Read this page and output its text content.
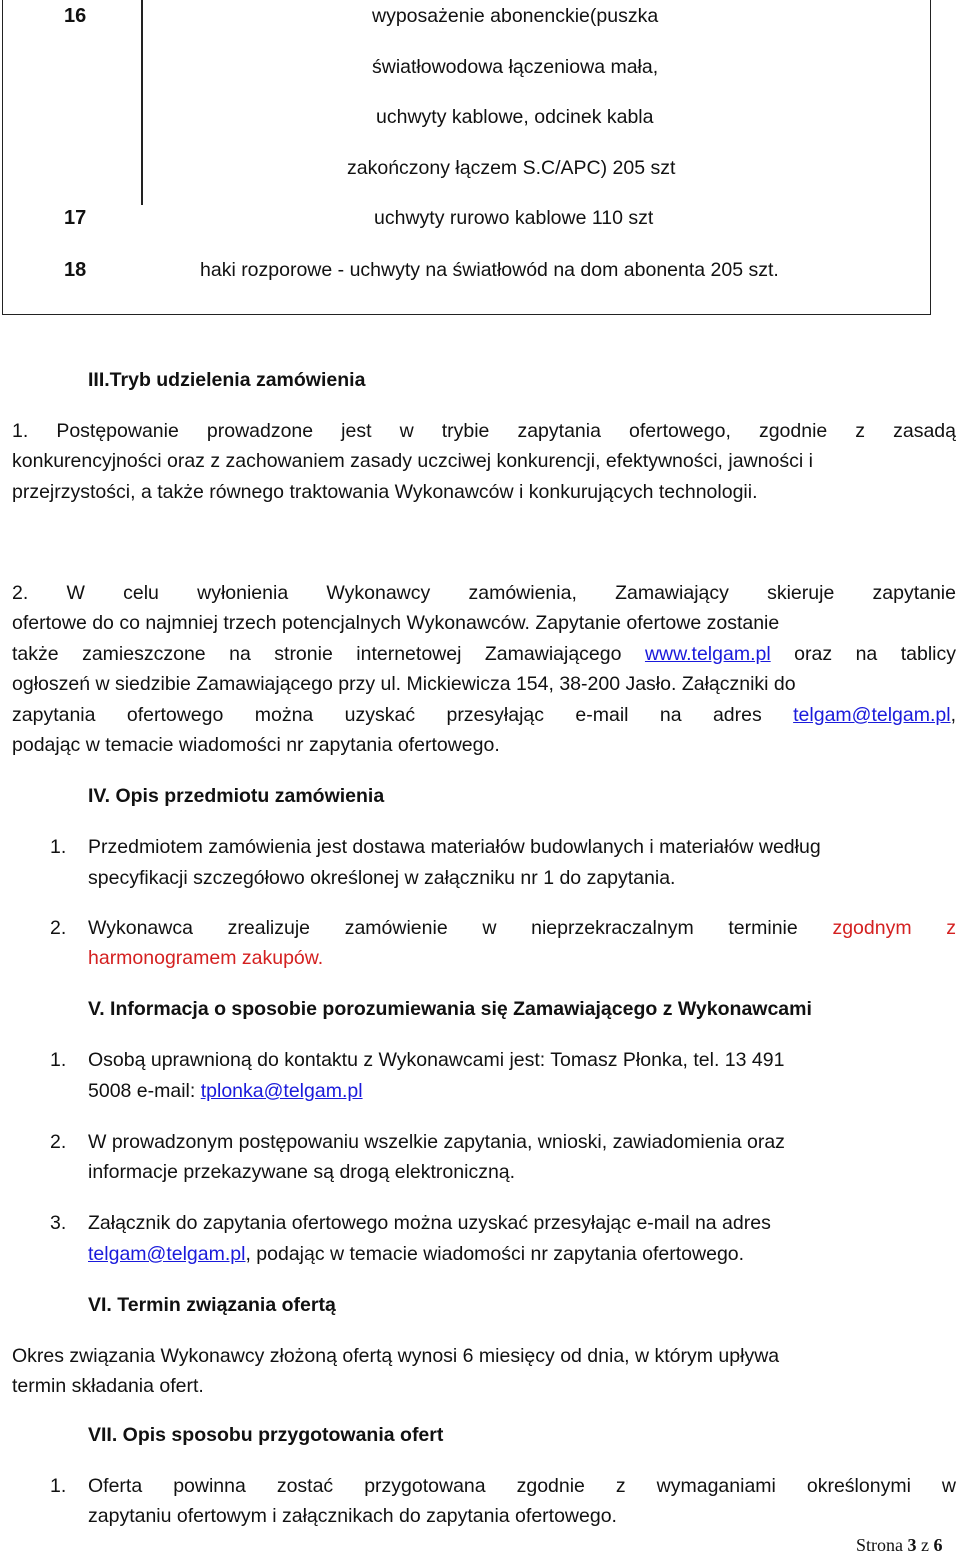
16	wyposażenie abonenckie(puszka
światłowodowa łączeniowa mała,
uchwyty kablowe, odcinek kabla
zakończony łączem S.C/APC) 205 szt
17	uchwyty rurowo kablowe 110 szt
18	haki rozporowe - uchwyty na światłowód na dom abonenta 205 szt.
III.Tryb udzielenia zamówienia
1. Postępowanie prowadzone jest w trybie zapytania ofertowego, zgodnie z zasadą
konkurencyjności oraz z zachowaniem zasady uczciwej konkurencji, efektywności, jawności i
przejrzystości, a także równego traktowania Wykonawców i konkurujących technologii.
2. W celu wyłonienia Wykonawcy zamówienia, Zamawiający skieruje zapytanie
ofertowe do co najmniej trzech potencjalnych Wykonawców. Zapytanie ofertowe zostanie
także zamieszczone na stronie internetowej Zamawiającego www.telgam.pl oraz na tablicy
ogłoszeń w siedzibie Zamawiającego przy ul. Mickiewicza 154, 38-200 Jasło. Załączniki do
zapytania ofertowego można uzyskać przesyłając e-mail na adres telgam@telgam.pl,
podając w temacie wiadomości nr zapytania ofertowego.
IV. Opis przedmiotu zamówienia
1. Przedmiotem zamówienia jest dostawa materiałów budowlanych i materiałów według
specyfikacji szczegółowo określonej w załączniku nr 1 do zapytania.
2. Wykonawca zrealizuje zamówienie w nieprzekraczalnym terminie zgodnym z
harmonogramem zakupów.
V. Informacja o sposobie porozumiewania się Zamawiającego z Wykonawcami
1. Osobą uprawnioną do kontaktu z Wykonawcami jest: Tomasz Płonka, tel. 13 491
5008 e-mail: tplonka@telgam.pl
2. W prowadzonym postępowaniu wszelkie zapytania, wnioski, zawiadomienia oraz
informacje przekazywane są drogą elektroniczną.
3. Załącznik do zapytania ofertowego można uzyskać przesyłając e-mail na adres
telgam@telgam.pl, podając w temacie wiadomości nr zapytania ofertowego.
VI. Termin związania ofertą
Okres związania Wykonawcy złożoną ofertą wynosi 6 miesięcy od dnia, w którym upływa
termin składania ofert.
VII. Opis sposobu przygotowania ofert
1. Oferta powinna zostać przygotowana zgodnie z wymaganiami określonymi w
zapytaniu ofertowym i załącznikach do zapytania ofertowego.
Strona 3 z 6
